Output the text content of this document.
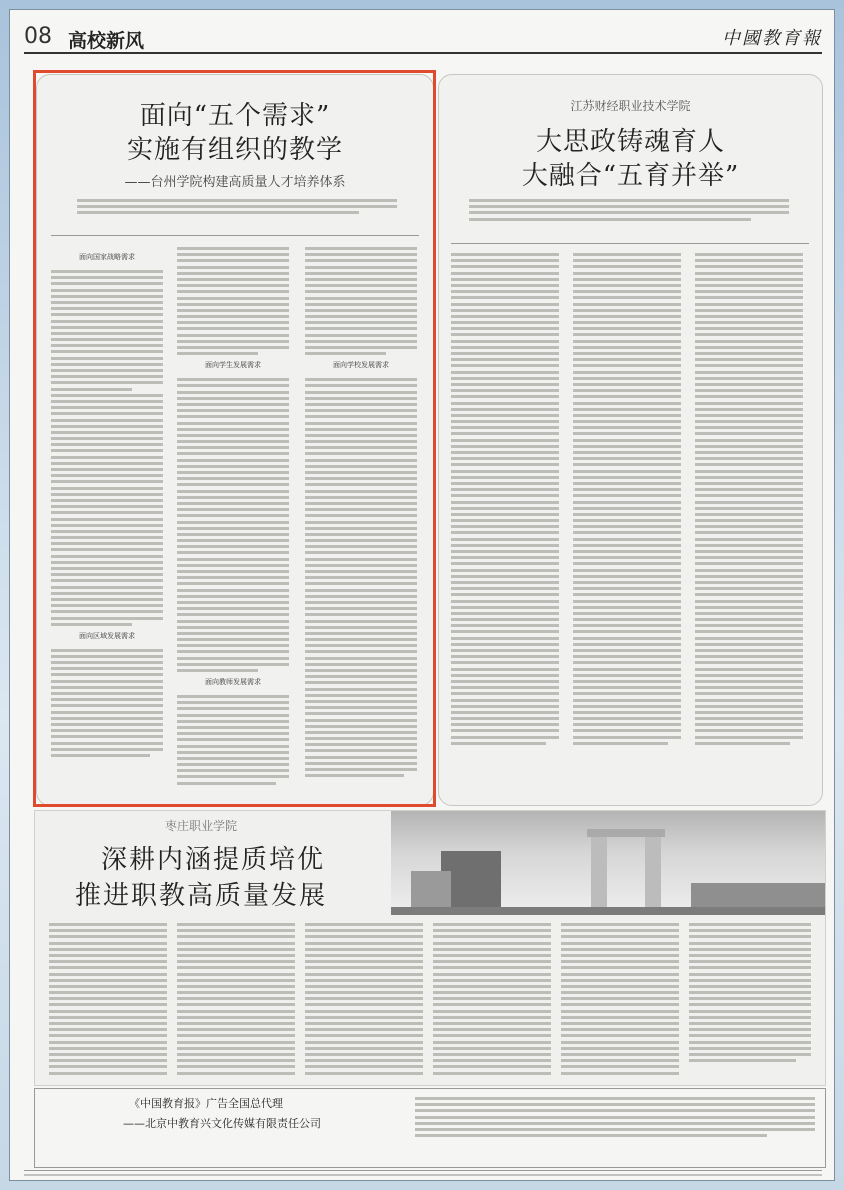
08 高校新风	中國教育報
面向“五个需求”
实施有组织的教学
——台州学院构建高质量人才培养体系
面向国家战略需求
面向区域发展需求
面向学生发展需求
面向教师发展需求
面向学校发展需求
江苏财经职业技术学院
大思政铸魂育人
大融合“五育并举”
枣庄职业学院
深耕内涵提质培优
推进职教高质量发展
《中国教育报》广告全国总代理
——北京中教育兴文化传媒有限责任公司
